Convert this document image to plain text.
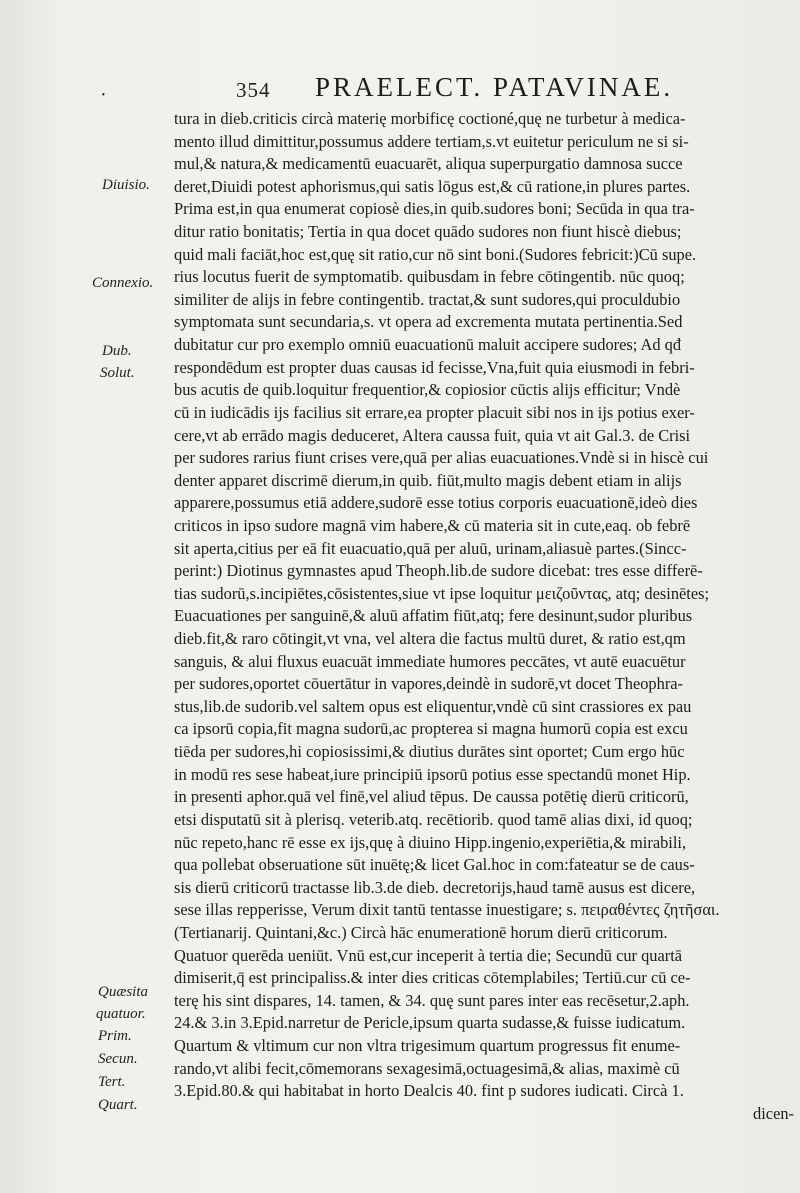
·	354 PRAELECT. PATAVINAE.
Diuisio.
Connexio.
Dub.
Solut.
Quæsita
quatuor.
Prim.
Secun.
Tert.
Quart.
tura in dieb.criticis circà materię morbificę coctioné,quę ne turbetur à medica-
mento illud dimittitur,possumus addere tertiam,s.vt euitetur periculum ne si si-
mul,& natura,& medicamentū euacuarēt, aliqua superpurgatio damnosa succe
deret,Diuidi potest aphorismus,qui satis lōgus est,& cū ratione,in plures partes.
Prima est,in qua enumerat copiosè dies,in quib.sudores boni; Secūda in qua tra-
ditur ratio bonitatis; Tertia in qua docet quādo sudores non fiunt hiscè diebus;
quid mali faciāt,hoc est,quę sit ratio,cur nō sint boni.(Sudores febricit:)Cū supe.
rius locutus fuerit de symptomatib. quibusdam in febre cōtingentib. nūc quoq;
similiter de alijs in febre contingentib. tractat,& sunt sudores,qui proculdubio
symptomata sunt secundaria,s. vt opera ad excrementa mutata pertinentia.Sed
dubitatur cur pro exemplo omniū euacuationū maluit accipere sudores; Ad qđ
respondēdum est propter duas causas id fecisse,Vna,fuit quia eiusmodi in febri-
bus acutis de quib.loquitur frequentior,& copiosior cūctis alijs efficitur; Vndè
cū in iudicādis ijs facilius sit errare,ea propter placuit sibi nos in ijs potius exer-
cere,vt ab errādo magis deduceret, Altera caussa fuit, quia vt ait Gal.3. de Crisi
per sudores rarius fiunt crises vere,quā per alias euacuationes.Vndè si in hiscè cui
denter apparet discrimē dierum,in quib. fiūt,multo magis debent etiam in alijs
apparere,possumus etiā addere,sudorē esse totius corporis euacuationē,ideò dies
criticos in ipso sudore magnā vim habere,& cū materia sit in cute,eaq. ob febrē
sit aperta,citius per eā fit euacuatio,quā per aluū, urinam,aliasuè partes.(Sincc-
perint:) Diotinus gymnastes apud Theoph.lib.de sudore dicebat: tres esse differē-
tias sudorū,s.incipiētes,cōsistentes,siue vt ipse loquitur μειζοῦντας, atq; desinētes;
Euacuationes per sanguinē,& aluū affatim fiūt,atq; fere desinunt,sudor pluribus
dieb.fit,& raro cōtingit,vt vna, vel altera die factus multū duret, & ratio est,qm
sanguis, & alui fluxus euacuāt immediate humores peccātes, vt autē euacuētur
per sudores,oportet cōuertātur in vapores,deindè in sudorē,vt docet Theophra-
stus,lib.de sudorib.vel saltem opus est eliquentur,vndè cū sint crassiores ex pau
ca ipsorū copia,fit magna sudorū,ac propterea si magna humorū copia est excu
tiēda per sudores,hi copiosissimi,& diutius durātes sint oportet; Cum ergo hūc
in modū res sese habeat,iure principiū ipsorū potius esse spectandū monet Hip.
in presenti aphor.quā vel finē,vel aliud tēpus. De caussa potētię dierū criticorū,
etsi disputatū sit à plerisq. veterib.atq. recētiorib. quod tamē alias dixi, id quoq;
nūc repeto,hanc rē esse ex ijs,quę à diuino Hipp.ingenio,experiētia,& mirabili,
qua pollebat obseruatione sūt inuētę;& licet Gal.hoc in com:fateatur se de caus-
sis dierū criticorū tractasse lib.3.de dieb. decretorijs,haud tamē ausus est dicere,
sese illas repperisse, Verum dixit tantū tentasse inuestigare; s. πειραθέντες ζητῆσαι.
(Tertianarij. Quintani,&c.) Circà hāc enumerationē horum dierū criticorum.
Quatuor querēda ueniūt. Vnū est,cur inceperit à tertia die; Secundū cur quartā
dimiserit,q̄ est principaliss.& inter dies criticas cōtemplabiles; Tertiū.cur cū ce-
terę his sint dispares, 14. tamen, & 34. quę sunt pares inter eas recēsetur,2.aph.
24.& 3.in 3.Epid.narretur de Pericle,ipsum quarta sudasse,& fuisse iudicatum.
Quartum & vltimum cur non vltra trigesimum quartum progressus fit enume-
rando,vt alibi fecit,cōmemorans sexagesimā,octuagesimā,& alias, maximè cū
3.Epid.80.& qui habitabat in horto Dealcis 40. fint p sudores iudicati. Circà 1.
dicen-
